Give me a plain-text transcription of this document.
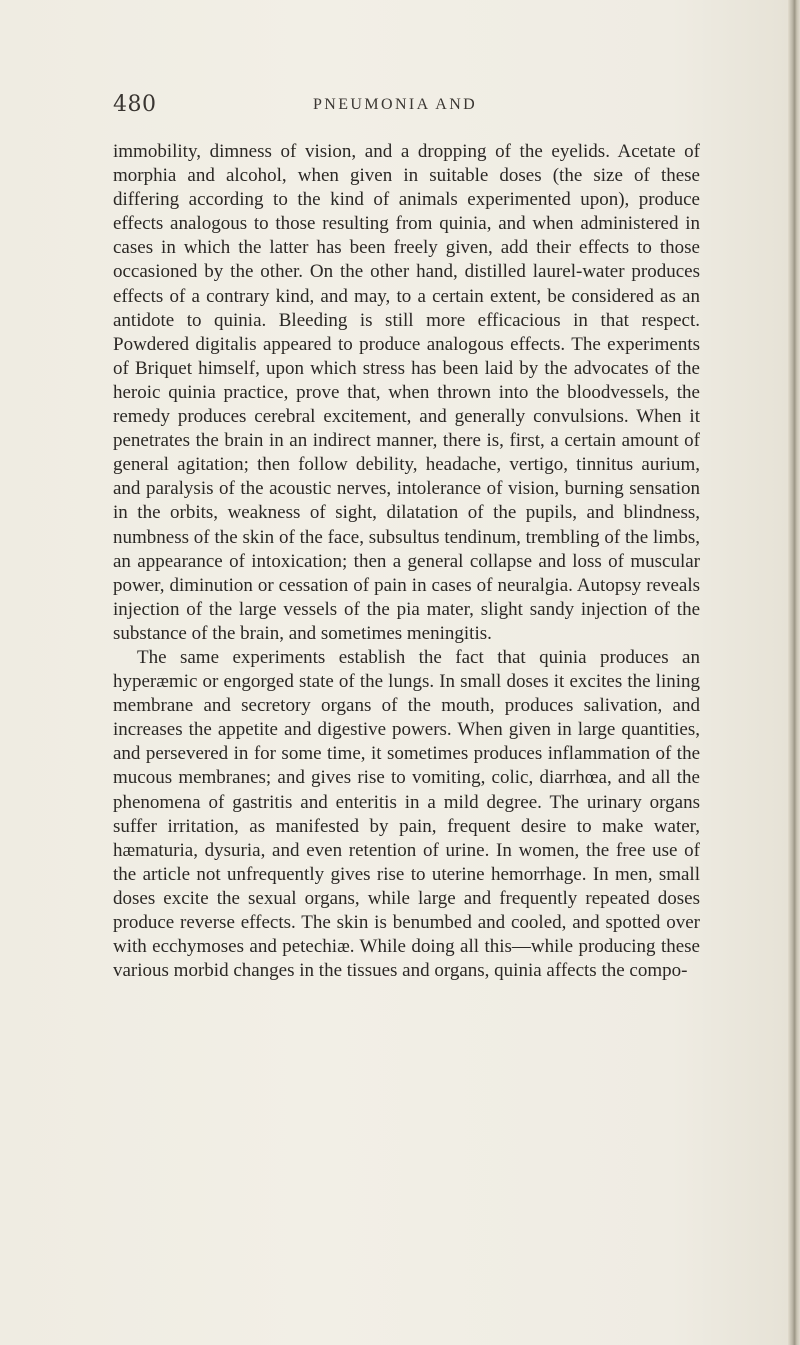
480	PNEUMONIA AND

immobility, dimness of vision, and a dropping of the eyelids. Acetate of morphia and alcohol, when given in suitable doses (the size of these differing according to the kind of animals experimented upon), produce effects analogous to those resulting from quinia, and when administered in cases in which the latter has been freely given, add their effects to those occasioned by the other. On the other hand, distilled laurel-water produces effects of a contrary kind, and may, to a certain extent, be considered as an antidote to quinia. Bleeding is still more efficacious in that respect. Powdered digitalis appeared to produce analogous effects. The experiments of Briquet himself, upon which stress has been laid by the advocates of the heroic quinia practice, prove that, when thrown into the bloodvessels, the remedy produces cerebral excitement, and generally convulsions. When it penetrates the brain in an indirect manner, there is, first, a certain amount of general agitation; then follow debility, headache, vertigo, tinnitus aurium, and paralysis of the acoustic nerves, intolerance of vision, burning sensation in the orbits, weakness of sight, dilatation of the pupils, and blindness, numbness of the skin of the face, subsultus tendinum, trembling of the limbs, an appearance of intoxication; then a general collapse and loss of muscular power, diminution or cessation of pain in cases of neuralgia. Autopsy reveals injection of the large vessels of the pia mater, slight sandy injection of the substance of the brain, and sometimes meningitis.

The same experiments establish the fact that quinia produces an hyperæmic or engorged state of the lungs. In small doses it excites the lining membrane and secretory organs of the mouth, produces salivation, and increases the appetite and digestive powers. When given in large quantities, and persevered in for some time, it sometimes produces inflammation of the mucous membranes; and gives rise to vomiting, colic, diarrhœa, and all the phenomena of gastritis and enteritis in a mild degree. The urinary organs suffer irritation, as manifested by pain, frequent desire to make water, hæmaturia, dysuria, and even retention of urine. In women, the free use of the article not unfrequently gives rise to uterine hemorrhage. In men, small doses excite the sexual organs, while large and frequently repeated doses produce reverse effects. The skin is benumbed and cooled, and spotted over with ecchymoses and petechiæ. While doing all this—while producing these various morbid changes in the tissues and organs, quinia affects the compo-
